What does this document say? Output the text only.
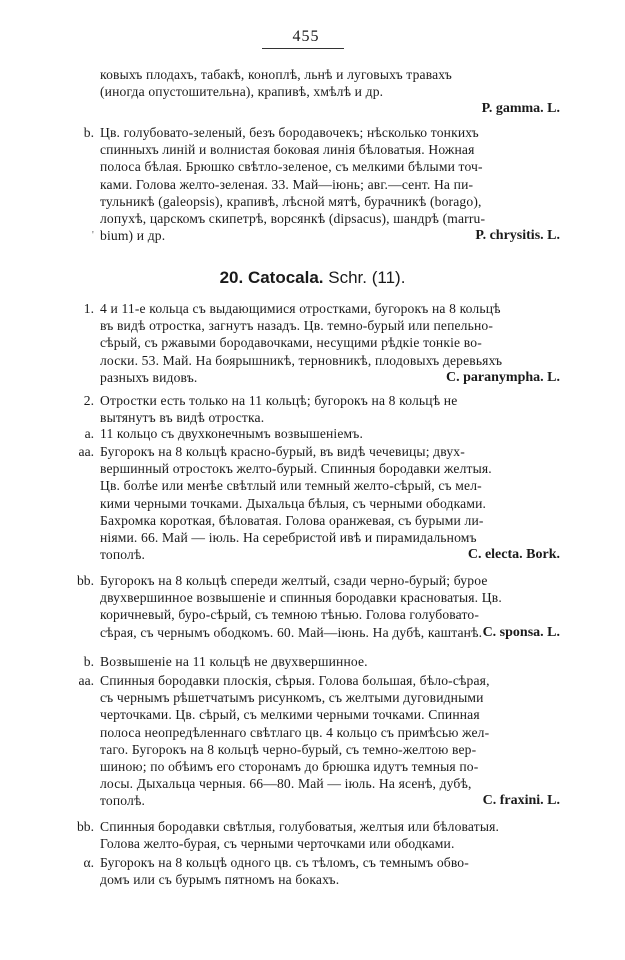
455
20. Catocala. Schr. (11).
'
ковыхъ плодахъ, табакѣ, коноплѣ, льнѣ и луговыхъ травахъ
(иногда опустошительна), крапивѣ, хмѣлѣ и др.
P. gamma. L.
b. Цв. голубовато-зеленый, безъ бородавочекъ; нѣсколько тонкихъ
спинныхъ линій и волнистая боковая линія бѣловатыя. Ножная
полоса бѣлая. Брюшко свѣтло-зеленое, съ мелкими бѣлыми точ-
ками. Голова желто-зеленая. 33. Май—іюнь; авг.—сент. На пи-
тульникѣ (galeopsis), крапивѣ, лѣсной мятѣ, бурачникѣ (borago),
лопухѣ, царскомъ скипетрѣ, ворсянкѣ (dipsacus), шандрѣ (marru-
bium) и др.	P. chrysitis. L.
1. 4 и 11-е кольца съ выдающимися отростками, бугорокъ на 8 кольцѣ
въ видѣ отростка, загнутъ назадъ. Цв. темно-бурый или пепельно-
сѣрый, съ ржавыми бородавочками, несущими рѣдкіе тонкіе во-
лоски. 53. Май. На боярышникѣ, терновникѣ, плодовыхъ деревьяхъ
разныхъ видовъ.	C. paranympha. L.
2. Отростки есть только на 11 кольцѣ; бугорокъ на 8 кольцѣ не
вытянутъ въ видѣ отростка.
a. 11 кольцо съ двухконечнымъ возвышеніемъ.
aa. Бугорокъ на 8 кольцѣ красно-бурый, въ видѣ чечевицы; двух-
вершинный отростокъ желто-бурый. Спинныя бородавки желтыя.
Цв. болѣе или менѣе свѣтлый или темный желто-сѣрый, съ мел-
кими черными точками. Дыхальца бѣлыя, съ черными ободками.
Бахромка короткая, бѣловатая. Голова оранжевая, съ бурыми ли-
ніями. 66. Май — іюль. На серебристой ивѣ и пирамидальномъ
тополѣ.	C. electa. Bork.
bb. Бугорокъ на 8 кольцѣ спереди желтый, сзади черно-бурый; бурое
двухвершинное возвышеніе и спинныя бородавки красноватыя. Цв.
коричневый, буро-сѣрый, съ темною тѣнью. Голова голубовато-
сѣрая, съ чернымъ ободкомъ. 60. Май—іюнь. На дубѣ, каштанѣ. C. sponsa. L.
b. Возвышеніе на 11 кольцѣ не двухвершинное.
aa. Спинныя бородавки плоскія, сѣрыя. Голова большая, бѣло-сѣрая,
съ чернымъ рѣшетчатымъ рисункомъ, съ желтыми дуговидными
черточками. Цв. сѣрый, съ мелкими черными точками. Спинная
полоса неопредѣленнаго свѣтлаго цв. 4 кольцо съ примѣсью жел-
таго. Бугорокъ на 8 кольцѣ черно-бурый, съ темно-желтою вер-
шиною; по обѣимъ его сторонамъ до брюшка идутъ темныя по-
лосы. Дыхальца черныя. 66—80. Май — іюль. На ясенѣ, дубѣ,
тополѣ.	C. fraxini. L.
bb. Спинныя бородавки свѣтлыя, голубоватыя, желтыя или бѣловатыя.
Голова желто-бурая, съ черными черточками или ободками.
α. Бугорокъ на 8 кольцѣ одного цв. съ тѣломъ, съ темнымъ обво-
домъ или съ бурымъ пятномъ на бокахъ.
